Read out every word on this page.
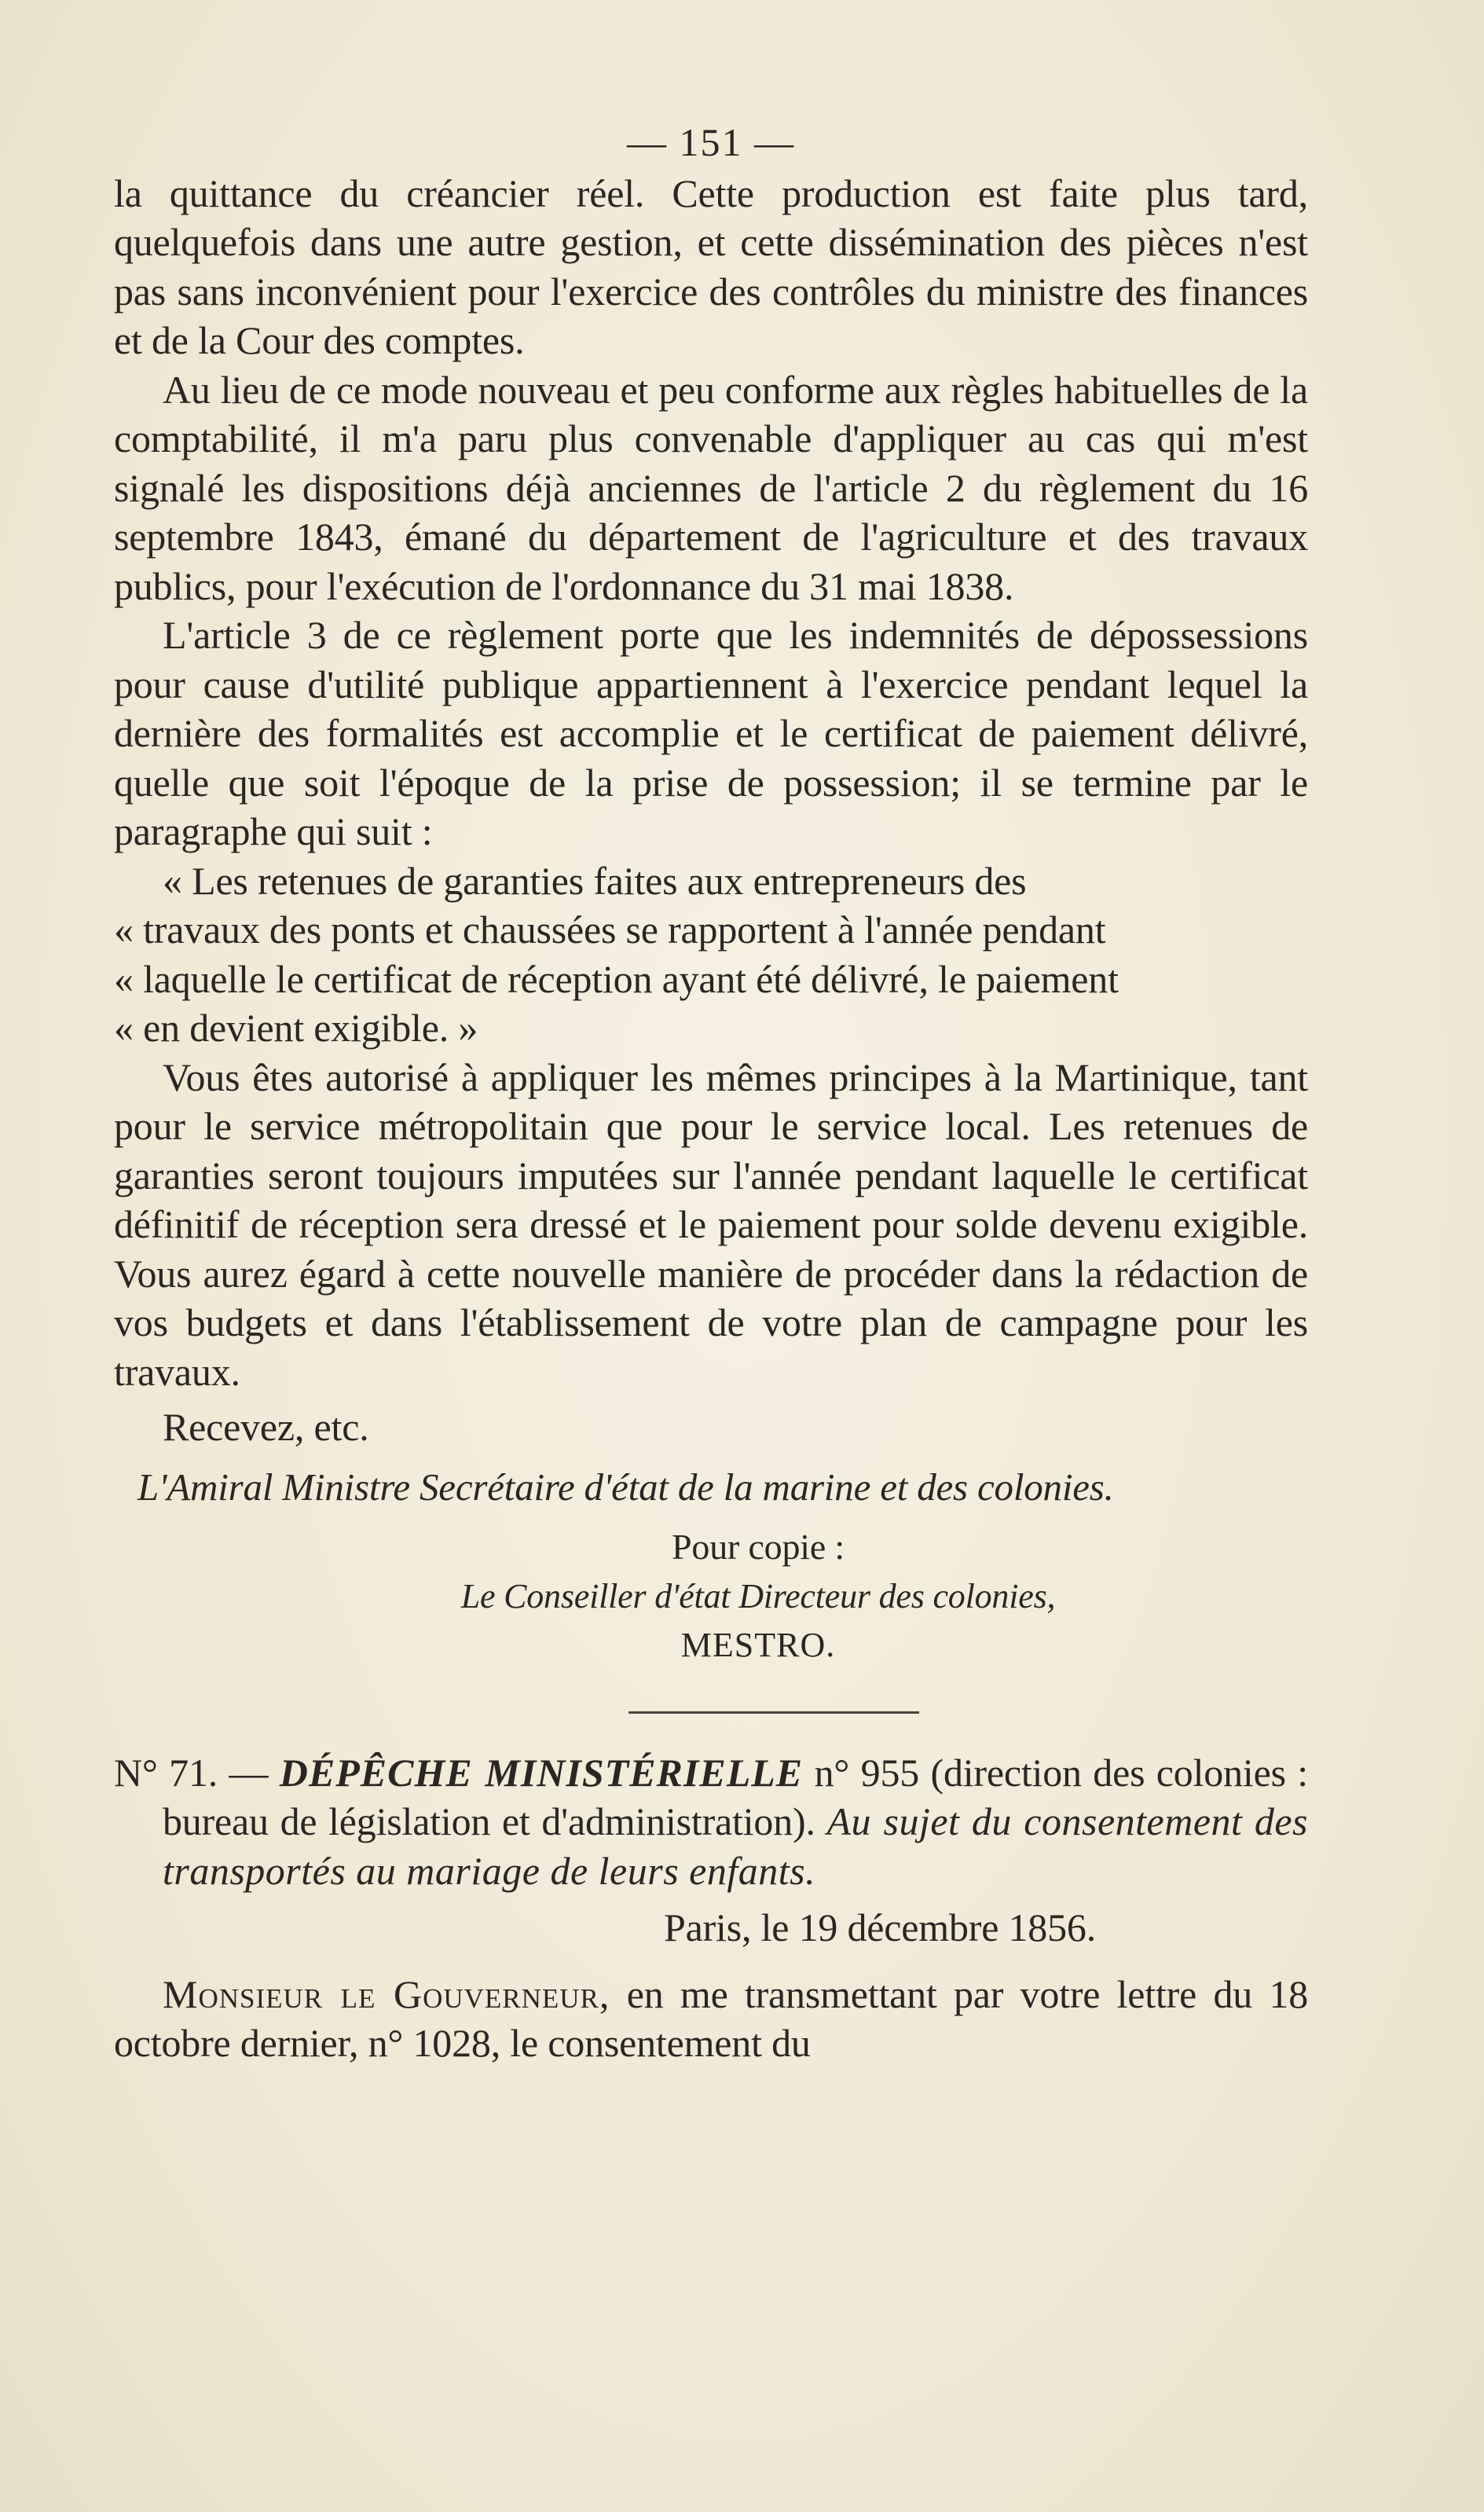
— 151 —

la quittance du créancier réel. Cette production est faite plus tard, quelquefois dans une autre gestion, et cette dissémination des pièces n'est pas sans inconvénient pour l'exercice des contrôles du ministre des finances et de la Cour des comptes.

Au lieu de ce mode nouveau et peu conforme aux règles habituelles de la comptabilité, il m'a paru plus convenable d'appliquer au cas qui m'est signalé les dispositions déjà anciennes de l'article 2 du règlement du 16 septembre 1843, émané du département de l'agriculture et des travaux publics, pour l'exécution de l'ordonnance du 31 mai 1838.

L'article 3 de ce règlement porte que les indemnités de dépossessions pour cause d'utilité publique appartiennent à l'exercice pendant lequel la dernière des formalités est accomplie et le certificat de paiement délivré, quelle que soit l'époque de la prise de possession; il se termine par le paragraphe qui suit :

« Les retenues de garanties faites aux entrepreneurs des

« travaux des ponts et chaussées se rapportent à l'année pendant

« laquelle le certificat de réception ayant été délivré, le paiement

« en devient exigible. »

Vous êtes autorisé à appliquer les mêmes principes à la Martinique, tant pour le service métropolitain que pour le service local. Les retenues de garanties seront toujours imputées sur l'année pendant laquelle le certificat définitif de réception sera dressé et le paiement pour solde devenu exigible. Vous aurez égard à cette nouvelle manière de procéder dans la rédaction de vos budgets et dans l'établissement de votre plan de campagne pour les travaux.

Recevez, etc.

L'Amiral Ministre Secrétaire d'état de la marine et des colonies.

Pour copie :

Le Conseiller d'état Directeur des colonies,

MESTRO.

N° 71. — DÉPÊCHE MINISTÉRIELLE n° 955 (direction des colonies : bureau de législation et d'administration). Au sujet du consentement des transportés au mariage de leurs enfants.

Paris, le 19 décembre 1856.

Monsieur le Gouverneur, en me transmettant par votre lettre du 18 octobre dernier, n° 1028, le consentement du
